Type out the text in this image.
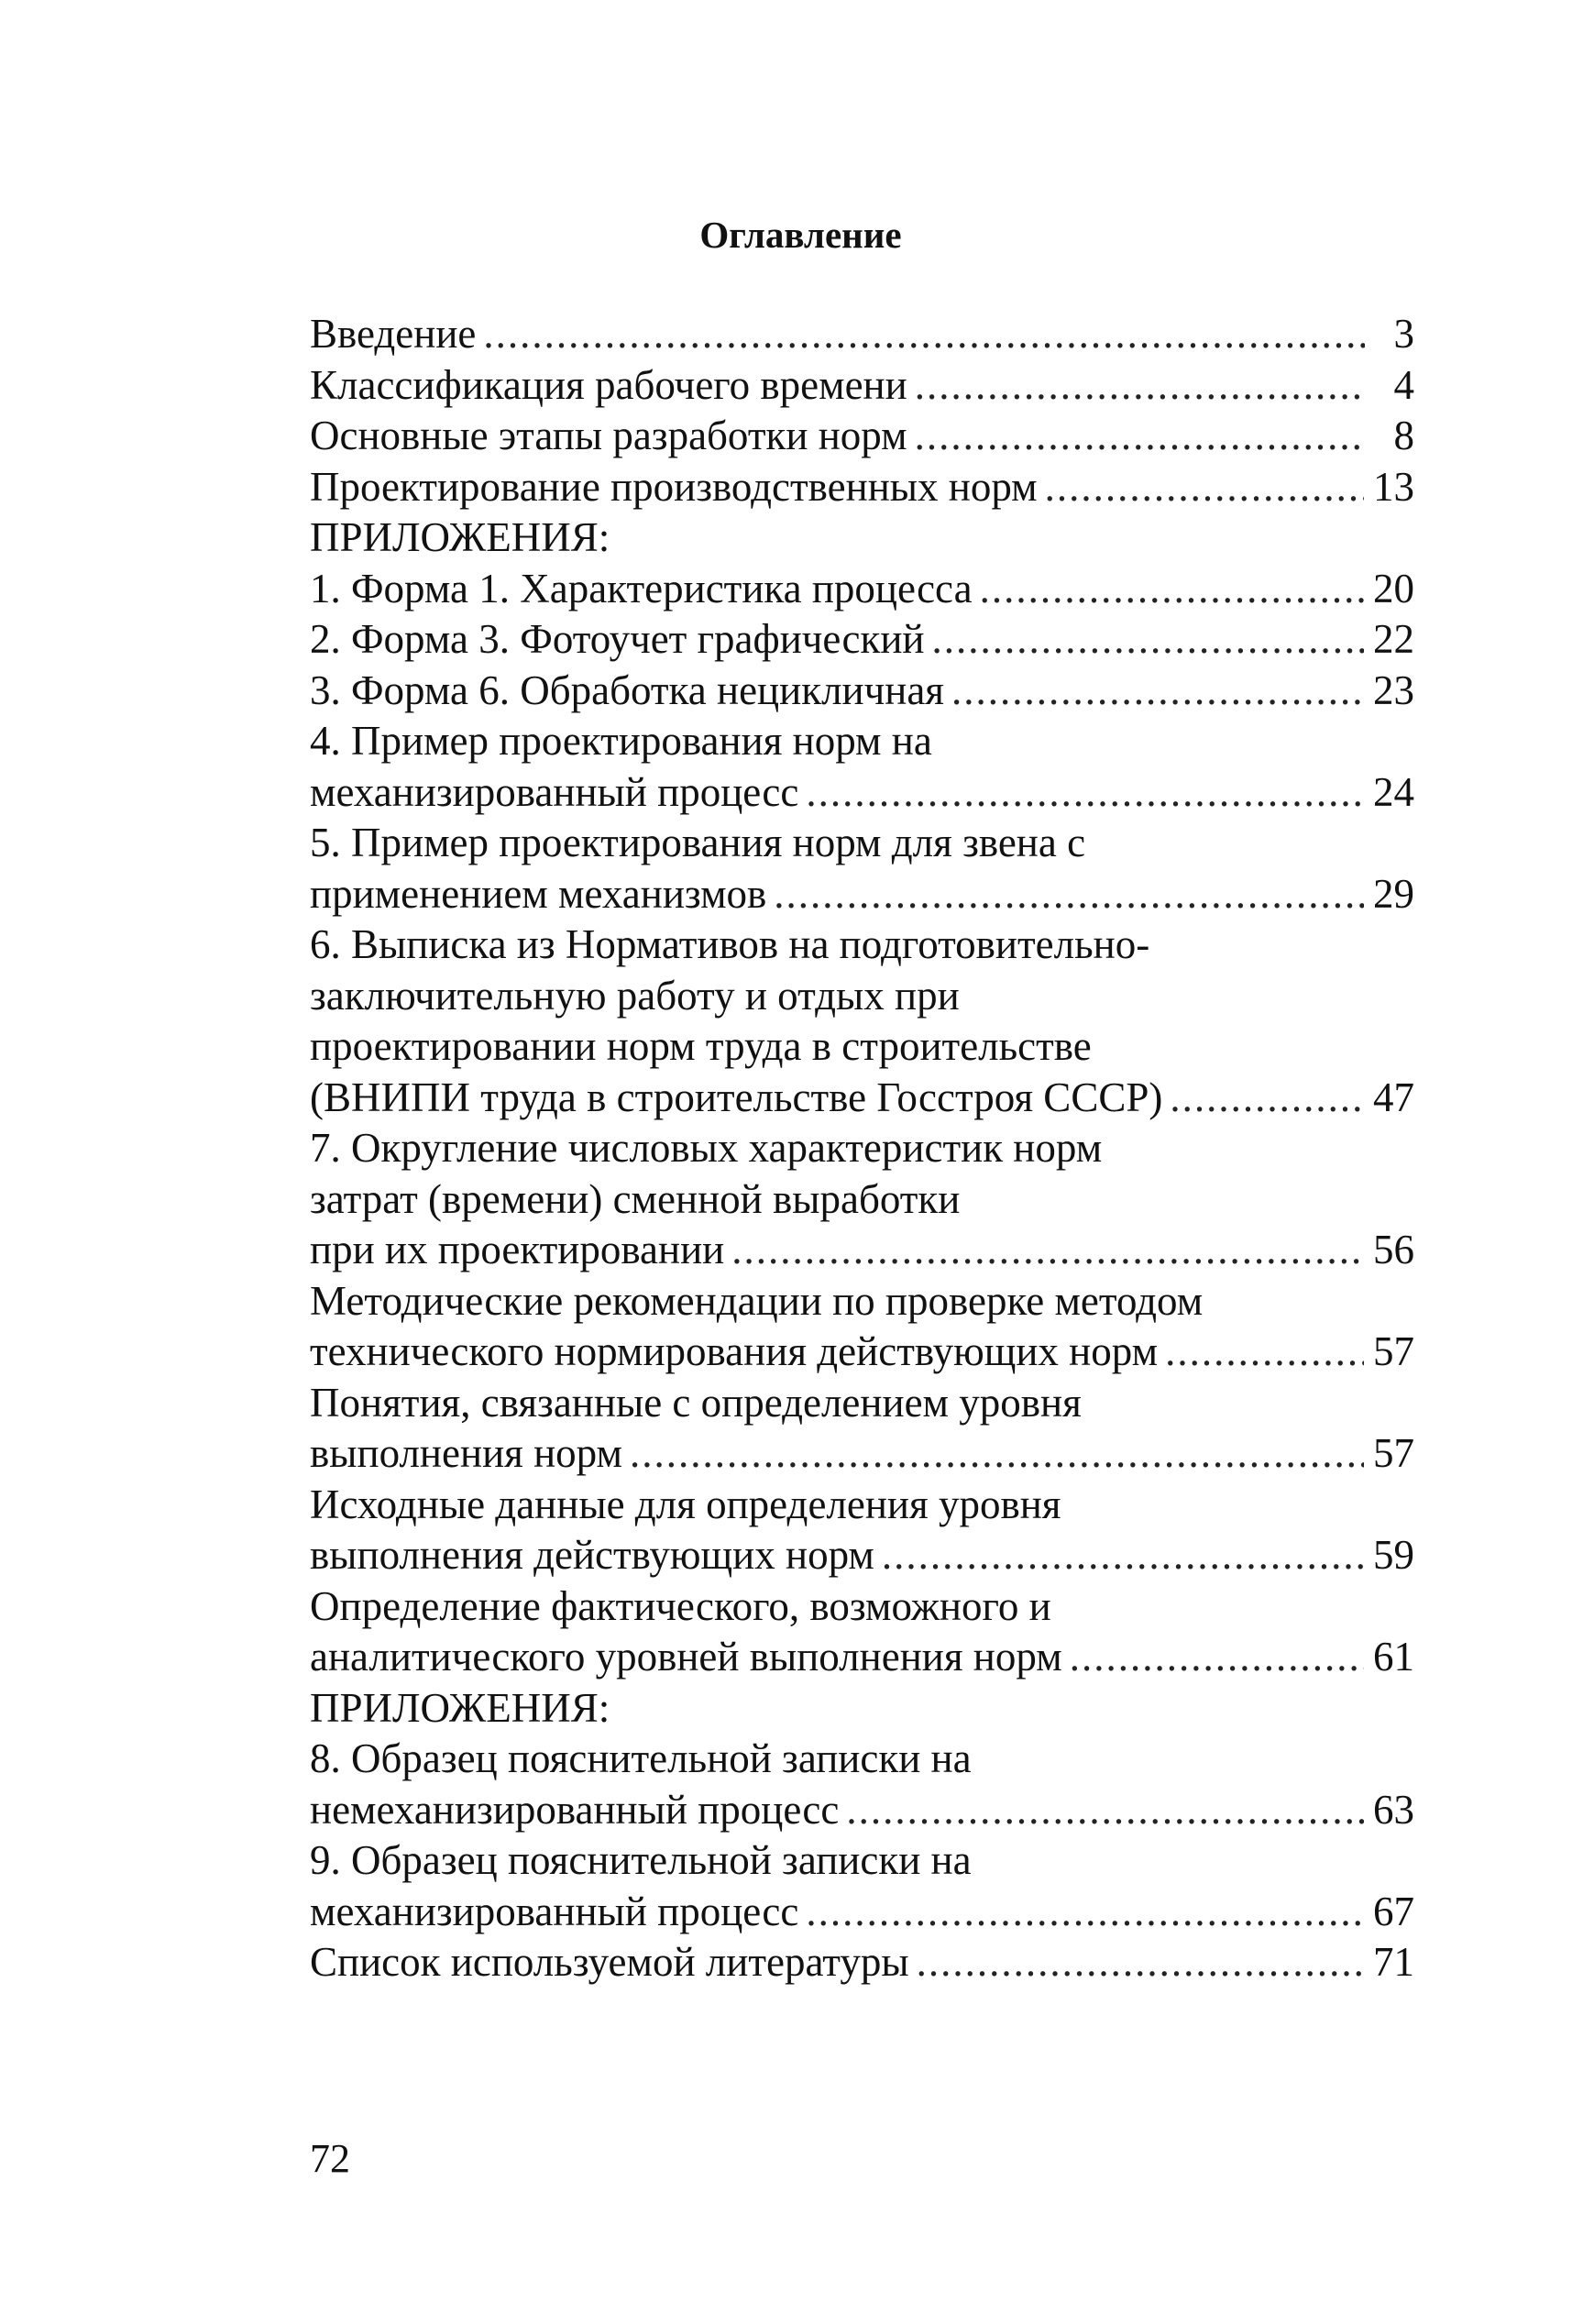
Оглавление
Введение .....	3
Классификация рабочего времени .....	4
Основные этапы разработки норм .....	8
Проектирование производственных норм .....	13
ПРИЛОЖЕНИЯ:
1. Форма 1. Характеристика процесса .....	20
2. Форма 3. Фотоучет графический .....	22
3. Форма 6. Обработка нецикличная .....	23
4. Пример проектирования норм на
механизированный процесс .....	24
5. Пример проектирования норм для звена с
применением механизмов .....	29
6. Выписка из Нормативов на подготовительно-
заключительную работу и отдых при
проектировании норм труда в строительстве
(ВНИПИ труда в строительстве Госстроя СССР) .....	47
7. Округление числовых характеристик норм
затрат (времени) сменной выработки
при их проектировании .....	56
Методические рекомендации по проверке методом
технического нормирования действующих норм .....	57
Понятия, связанные с определением уровня
выполнения норм .....	57
Исходные данные для определения уровня
выполнения действующих норм .....	59
Определение фактического, возможного и
аналитического уровней выполнения норм .....	61
ПРИЛОЖЕНИЯ:
8. Образец пояснительной записки на
немеханизированный процесс .....	63
9. Образец пояснительной записки на
механизированный процесс .....	67
Список используемой литературы .....	71
72
